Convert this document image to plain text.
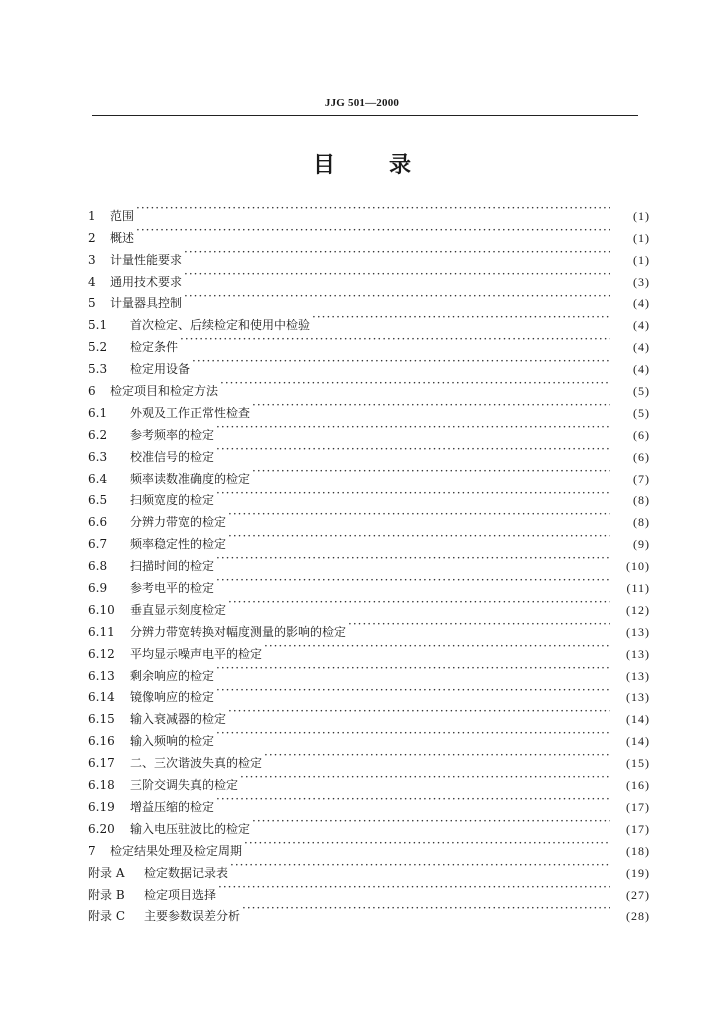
JJG 501—2000
目 录
1	范围 ·····	(1)
2	概述 ·····	(1)
3	计量性能要求 ·····	(1)
4	通用技术要求 ·····	(3)
5	计量器具控制 ·····	(4)
5.1	首次检定、后续检定和使用中检验 ·····	(4)
5.2	检定条件 ·····	(4)
5.3	检定用设备 ·····	(4)
6	检定项目和检定方法 ·····	(5)
6.1	外观及工作正常性检查 ·····	(5)
6.2	参考频率的检定 ·····	(6)
6.3	校准信号的检定 ·····	(6)
6.4	频率读数准确度的检定 ·····	(7)
6.5	扫频宽度的检定 ·····	(8)
6.6	分辨力带宽的检定 ·····	(8)
6.7	频率稳定性的检定 ·····	(9)
6.8	扫描时间的检定 ·····	(10)
6.9	参考电平的检定 ·····	(11)
6.10	垂直显示刻度检定 ·····	(12)
6.11	分辨力带宽转换对幅度测量的影响的检定 ·····	(13)
6.12	平均显示噪声电平的检定 ·····	(13)
6.13	剩余响应的检定 ·····	(13)
6.14	镜像响应的检定 ·····	(13)
6.15	输入衰减器的检定 ·····	(14)
6.16	输入频响的检定 ·····	(14)
6.17	二、三次谐波失真的检定 ·····	(15)
6.18	三阶交调失真的检定 ·····	(16)
6.19	增益压缩的检定 ·····	(17)
6.20	输入电压驻波比的检定 ·····	(17)
7	检定结果处理及检定周期 ·····	(18)
附录 A	检定数据记录表 ·····	(19)
附录 B	检定项目选择 ·····	(27)
附录 C	主要参数误差分析 ·····	(28)
